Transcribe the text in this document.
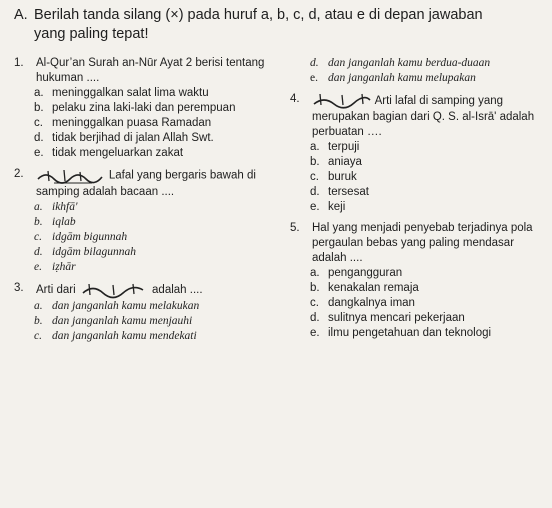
A. Berilah tanda silang (×) pada huruf a, b, c, d, atau e di depan jawaban
yang paling tepat!
1.	Al-Qur’an Surah an-Nūr Ayat 2 berisi tentang hukuman ....
a. meninggalkan salat lima waktu
b. pelaku zina laki-laki dan perempuan
c. meninggalkan puasa Ramadan
d. tidak berjihad di jalan Allah Swt.
e. tidak mengeluarkan zakat
2.	Lafal yang bergaris bawah di samping adalah bacaan ....
a. ikhfā'
b. iqlab
c. idgām bigunnah
d. idgām bilagunnah
e. iẓhār
3.	Arti dari	adalah ....
a. dan janganlah kamu melakukan
b. dan janganlah kamu menjauhi
c. dan janganlah kamu mendekati
d. dan janganlah kamu berdua-duaan
e. dan janganlah kamu melupakan
4.	Arti lafal di samping yang merupakan bagian dari Q. S. al-Isrā' adalah perbuatan ….
a. terpuji
b. aniaya
c. buruk
d. tersesat
e. keji
5.	Hal yang menjadi penyebab terjadinya pola pergaulan bebas yang paling mendasar adalah ....
a. pengangguran
b. kenakalan remaja
c. dangkalnya iman
d. sulitnya mencari pekerjaan
e. ilmu pengetahuan dan teknologi
